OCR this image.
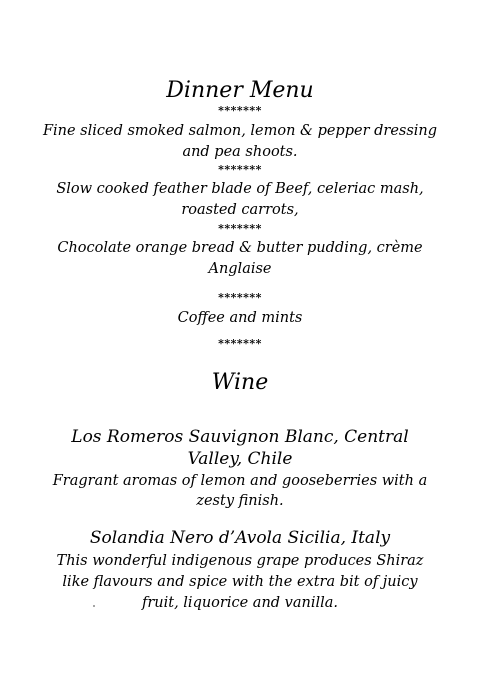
Dinner Menu
*******
Fine sliced smoked salmon, lemon & pepper dressing
and pea shoots.
*******
Slow cooked feather blade of Beef, celeriac mash,
roasted carrots,
*******
Chocolate orange bread & butter pudding, crème
Anglaise
*******
Coffee and mints
*******
Wine
Los Romeros Sauvignon Blanc, Central
Valley, Chile
Fragrant aromas of lemon and gooseberries with a
zesty finish.
Solandia Nero d’Avola Sicilia, Italy
This wonderful indigenous grape produces Shiraz
like flavours and spice with the extra bit of juicy
fruit, liquorice and vanilla.
